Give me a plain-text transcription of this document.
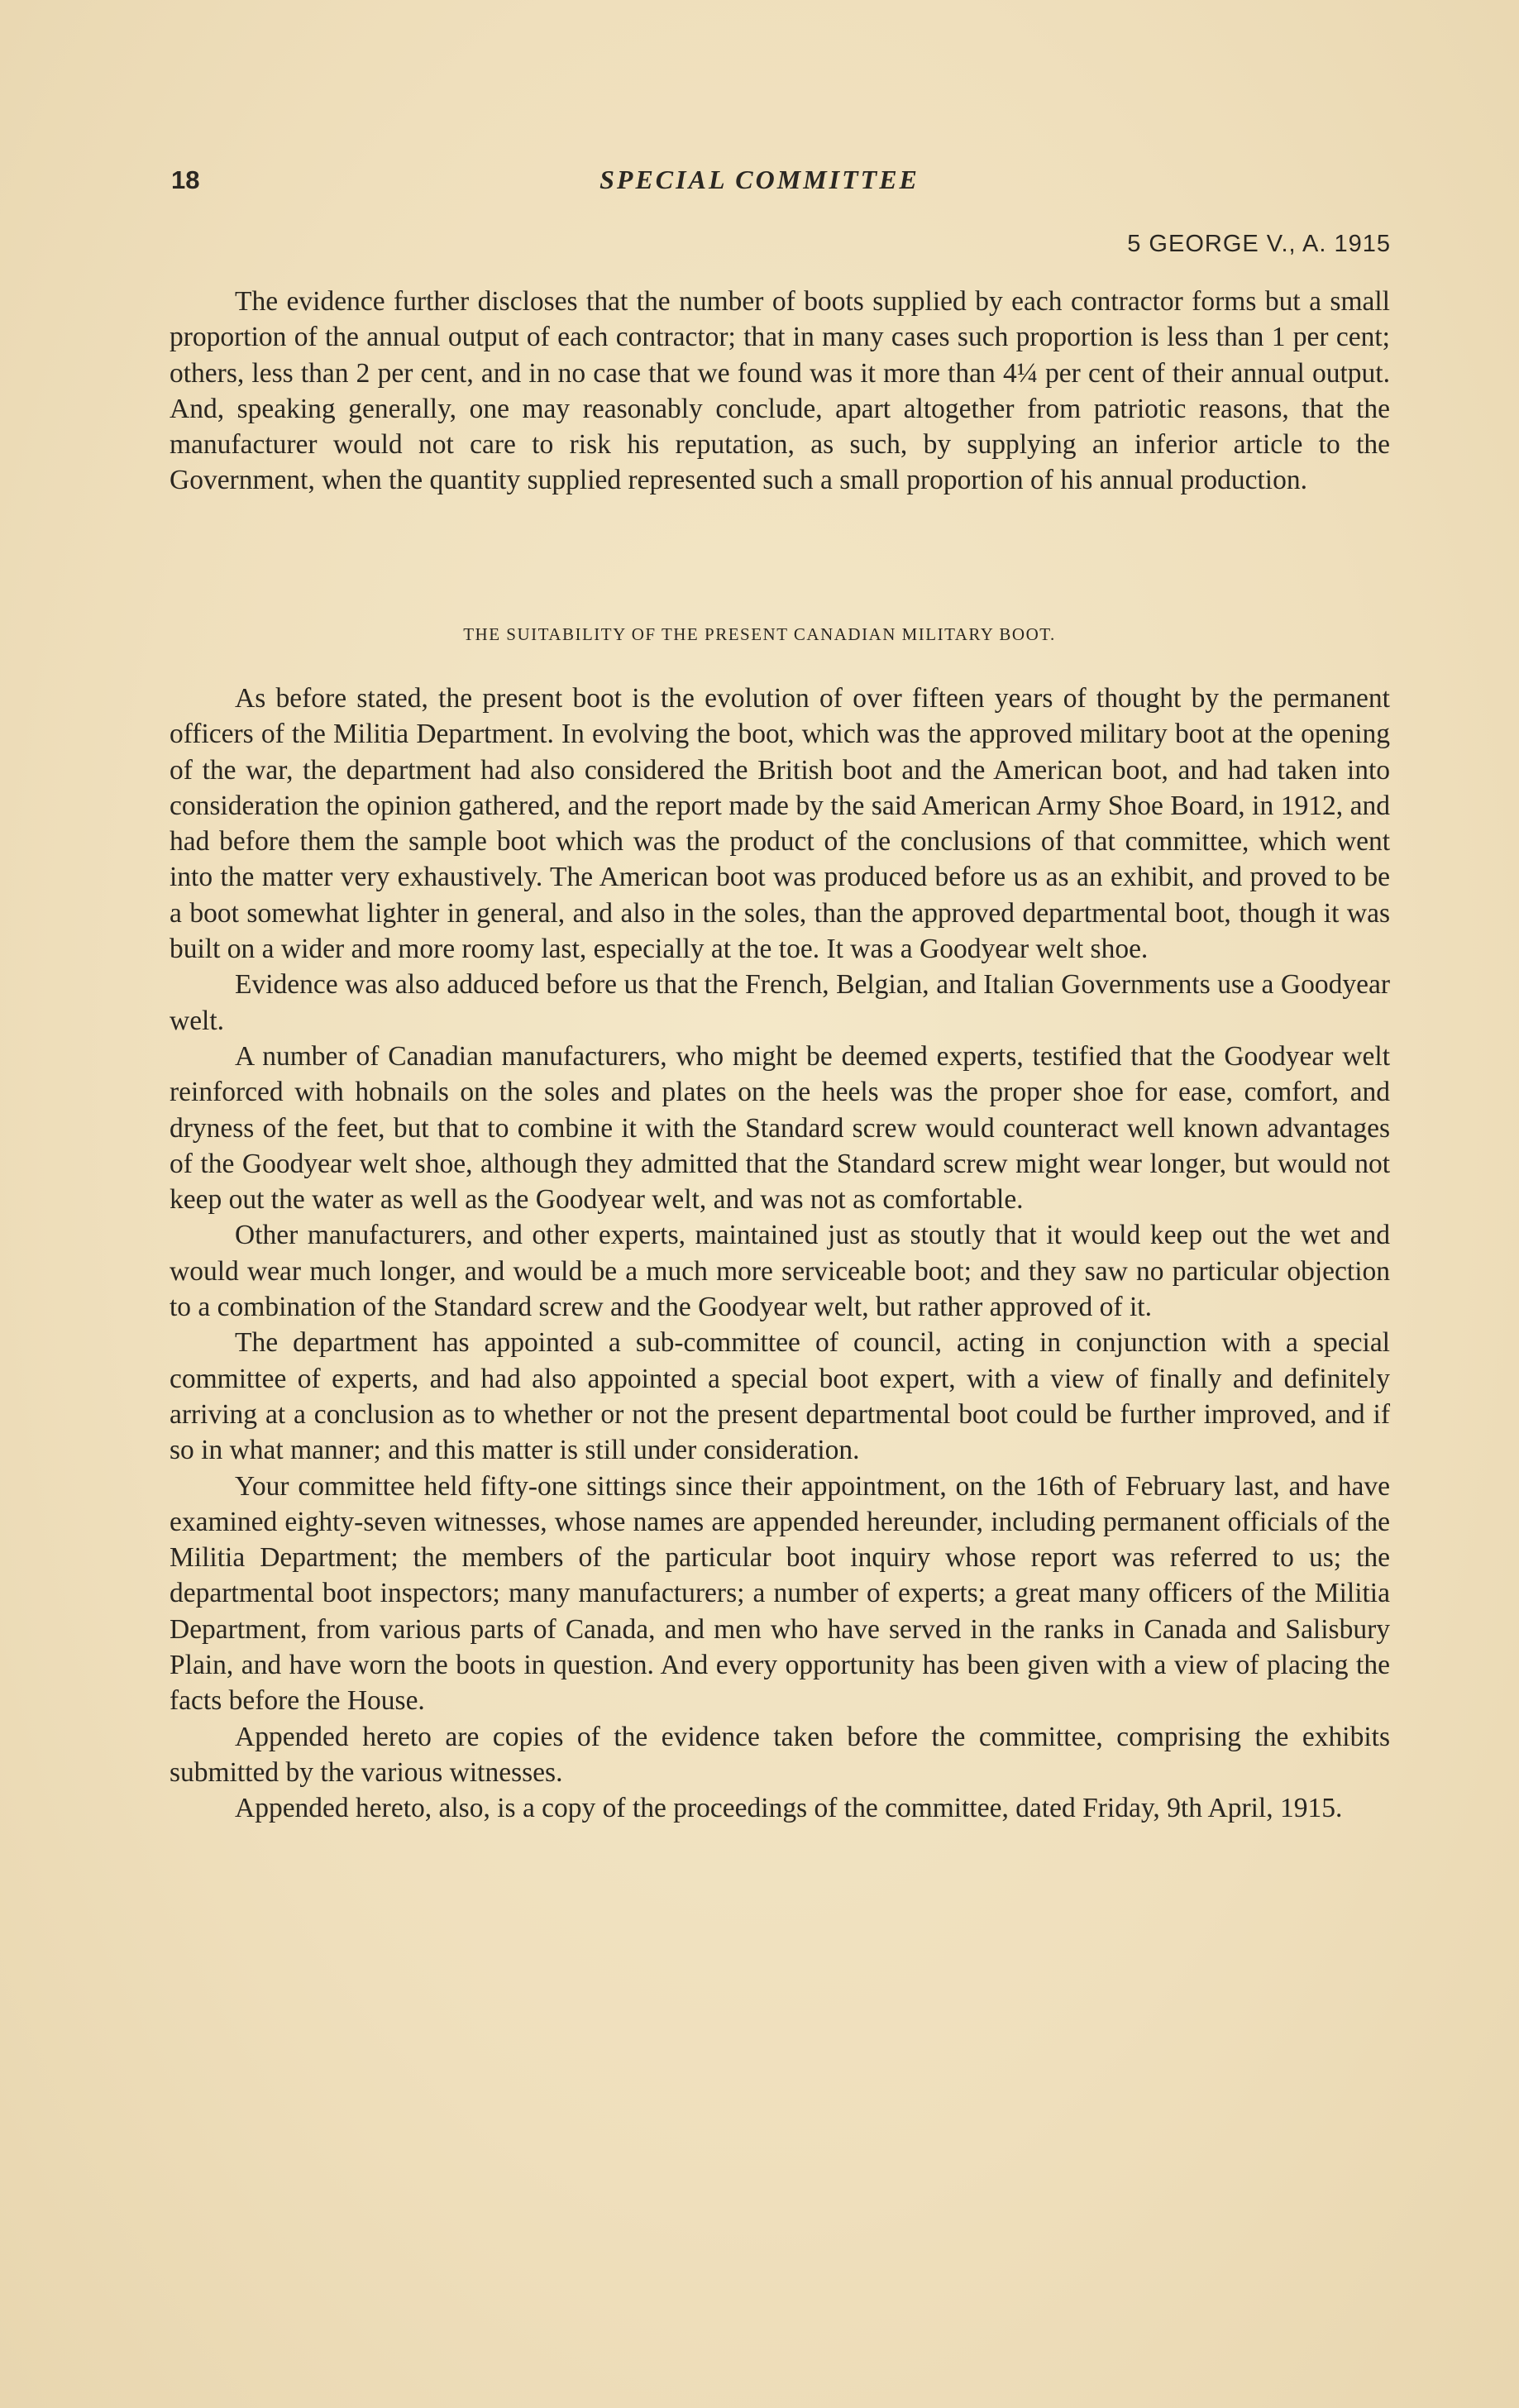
18	SPECIAL COMMITTEE
5 GEORGE V., A. 1915

The evidence further discloses that the number of boots supplied by each contractor forms but a small proportion of the annual output of each contractor; that in many cases such proportion is less than 1 per cent; others, less than 2 per cent, and in no case that we found was it more than 4¼ per cent of their annual output. And, speaking generally, one may reasonably conclude, apart altogether from patriotic reasons, that the manufacturer would not care to risk his reputation, as such, by supplying an inferior article to the Government, when the quantity supplied represented such a small proportion of his annual production.

THE SUITABILITY OF THE PRESENT CANADIAN MILITARY BOOT.

As before stated, the present boot is the evolution of over fifteen years of thought by the permanent officers of the Militia Department. In evolving the boot, which was the approved military boot at the opening of the war, the department had also considered the British boot and the American boot, and had taken into consideration the opinion gathered, and the report made by the said American Army Shoe Board, in 1912, and had before them the sample boot which was the product of the conclusions of that committee, which went into the matter very exhaustively. The American boot was produced before us as an exhibit, and proved to be a boot somewhat lighter in general, and also in the soles, than the approved departmental boot, though it was built on a wider and more roomy last, especially at the toe. It was a Goodyear welt shoe.

Evidence was also adduced before us that the French, Belgian, and Italian Governments use a Goodyear welt.

A number of Canadian manufacturers, who might be deemed experts, testified that the Goodyear welt reinforced with hobnails on the soles and plates on the heels was the proper shoe for ease, comfort, and dryness of the feet, but that to combine it with the Standard screw would counteract well known advantages of the Goodyear welt shoe, although they admitted that the Standard screw might wear longer, but would not keep out the water as well as the Goodyear welt, and was not as comfortable.

Other manufacturers, and other experts, maintained just as stoutly that it would keep out the wet and would wear much longer, and would be a much more serviceable boot; and they saw no particular objection to a combination of the Standard screw and the Goodyear welt, but rather approved of it.

The department has appointed a sub-committee of council, acting in conjunction with a special committee of experts, and had also appointed a special boot expert, with a view of finally and definitely arriving at a conclusion as to whether or not the present departmental boot could be further improved, and if so in what manner; and this matter is still under consideration.

Your committee held fifty-one sittings since their appointment, on the 16th of February last, and have examined eighty-seven witnesses, whose names are appended hereunder, including permanent officials of the Militia Department; the members of the particular boot inquiry whose report was referred to us; the departmental boot inspectors; many manufacturers; a number of experts; a great many officers of the Militia Department, from various parts of Canada, and men who have served in the ranks in Canada and Salisbury Plain, and have worn the boots in question. And every opportunity has been given with a view of placing the facts before the House.

Appended hereto are copies of the evidence taken before the committee, comprising the exhibits submitted by the various witnesses.

Appended hereto, also, is a copy of the proceedings of the committee, dated Friday, 9th April, 1915.
